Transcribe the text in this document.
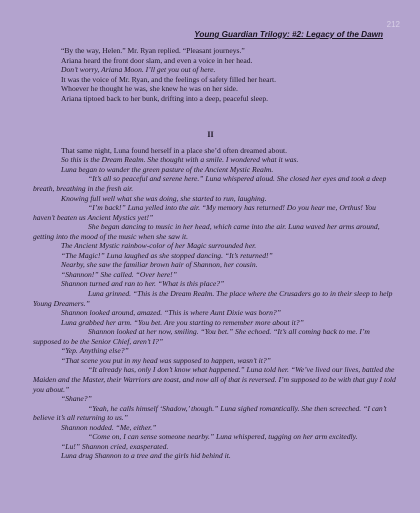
212
Young Guardian Trilogy: #2: Legacy of the Dawn

“By the way, Helen.” Mr. Ryan replied. “Pleasant journeys.”

Ariana heard the front door slam, and even a voice in her head.

Don’t worry, Ariana Moon. I’ll get you out of here.

It was the voice of Mr. Ryan, and the feelings of safety filled her heart.

Whoever he thought he was, she knew he was on her side.

Ariana tiptoed back to her bunk, drifting into a deep, peaceful sleep.

II

That same night, Luna found herself in a place she’d often dreamed about.

So this is the Dream Realm. She thought with a smile. I wondered what it was.

Luna began to wander the green pasture of the Ancient Mystic Realm.

“It’s all so peaceful and serene here.” Luna whispered aloud. She closed her eyes and took a deep breath, breathing in the fresh air.

Knowing full well what she was doing, she started to run, laughing.

“I’m back!” Luna yelled into the air. “My memory has returned! Do you hear me, Orthus! You haven’t beaten us Ancient Mystics yet!”

She began dancing to music in her head, which came into the air. Luna waved her arms around, getting into the mood of the music when she saw it.

The Ancient Mystic rainbow-color of her Magic surrounded her.

“The Magic!” Luna laughed as she stopped dancing. “It’s returned!”

Nearby, she saw the familiar brown hair of Shannon, her cousin.

“Shannon!” She called. “Over here!”

Shannon turned and ran to her. “What is this place?”

Luna grinned. “This is the Dream Realm. The place where the Crusaders go to in their sleep to help Young Dreamers.”

Shannon looked around, amazed. “This is where Aunt Dixie was born?”

Luna grabbed her arm. “You bet. Are you starting to remember more about it?”

Shannon looked at her now, smiling. “You bet.” She echoed. “It’s all coming back to me. I’m supposed to be the Senior Chief, aren’t I?”

“Yep. Anything else?”

“That scene you put in my head was supposed to happen, wasn’t it?”

“It already has, only I don’t know what happened.” Luna told her. “We’ve lived our lives, battled the Maiden and the Master, their Warriors are toast, and now all of that is reversed. I’m supposed to be with that guy I told you about.”

“Shane?”

“Yeah, he calls himself ‘Shadow,’ though.” Luna sighed romantically. She then screeched. “I can’t believe it’s all returning to us.”

Shannon nodded. “Me, either.”

“Come on, I can sense someone nearby.” Luna whispered, tugging on her arm excitedly.

“Lu!” Shannon cried, exasperated.

Luna drug Shannon to a tree and the girls hid behind it.
